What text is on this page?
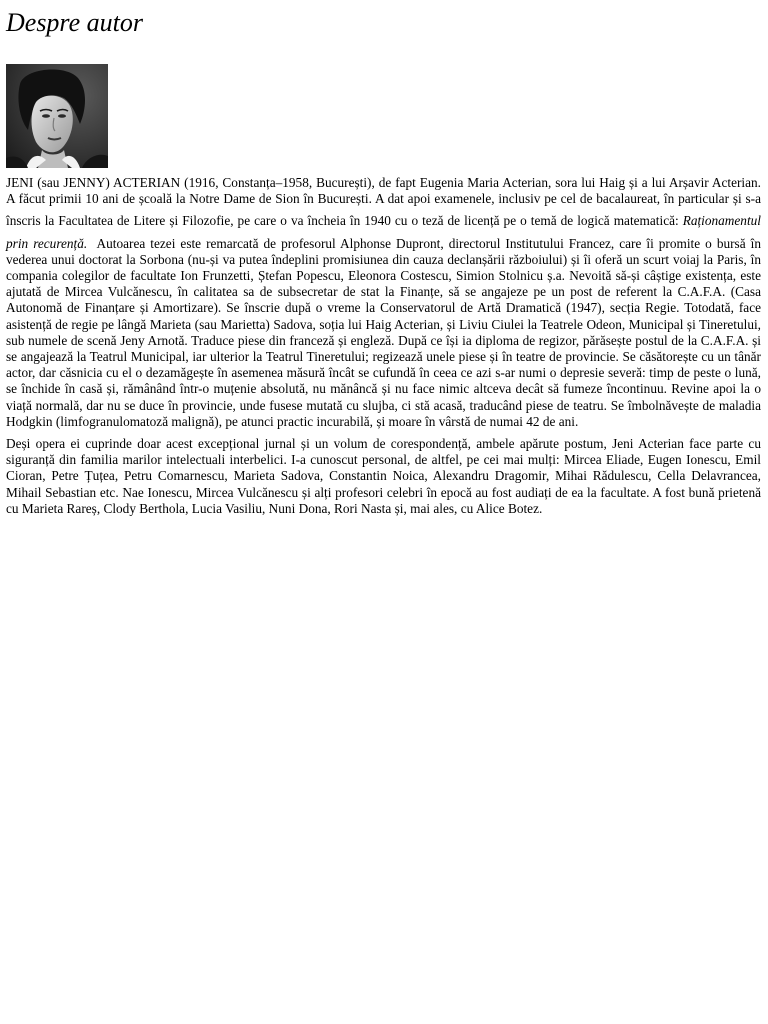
Despre autor
JENI (sau JENNY) ACTERIAN (1916, Constanța–1958, București), de fapt Eugenia Maria Acterian, sora lui Haig și a lui Arșavir Acterian.
A făcut primii 10 ani de școală la Notre Dame de Sion în București. A dat apoi examenele, inclusiv pe cel de bacalaureat, în particular și s-a
înscris la Facultatea de Litere și Filozofie, pe care o va încheia în 1940 cu o teză de licență pe o temă de logică matematică: Raționamentul
prin recurență.  Autoarea tezei este remarcată de profesorul Alphonse Dupront, directorul Institutului Francez, care îi promite o bursă în vederea unui doctorat la Sorbona (nu-și va putea îndeplini promisiunea din cauza declanșării războiului) și îi oferă un scurt voiaj la Paris, în compania colegilor de facultate Ion Frunzetti, Ștefan Popescu, Eleonora Costescu, Simion Stolnicu ș.a. Nevoită să-și câștige existența, este ajutată de Mircea Vulcănescu, în calitatea sa de subsecretar de stat la Finanțe, să se angajeze pe un post de referent la C.A.F.A. (Casa Autonomă de Finanțare și Amortizare). Se înscrie după o vreme la Conservatorul de Artă Dramatică (1947), secția Regie. Totodată, face asistență de regie pe lângă Marieta (sau Marietta) Sadova, soția lui Haig Acterian, și Liviu Ciulei la Teatrele Odeon, Municipal și Tineretului, sub numele de scenă Jeny Arnotă. Traduce piese din franceză și engleză. După ce își ia diploma de regizor, părăsește postul de la C.A.F.A. și se angajează la Teatrul Municipal, iar ulterior la Teatrul Tineretului; regizează unele piese și în teatre de provincie. Se căsătorește cu un tânăr actor, dar căsnicia cu el o dezamăgește în asemenea măsură încât se cufundă în ceea ce azi s-ar numi o depresie severă: timp de peste o lună, se închide în casă și, rămânând într-o muțenie absolută, nu mănâncă și nu face nimic altceva decât să fumeze încontinuu. Revine apoi la o viață normală, dar nu se duce în provincie, unde fusese mutată cu slujba, ci stă acasă, traducând piese de teatru. Se îmbolnăvește de maladia Hodgkin (limfogranulomatoză malignă), pe atunci practic incurabilă, și moare în vârstă de numai 42 de ani.

Deși opera ei cuprinde doar acest excepțional jurnal și un volum de corespondență, ambele apărute postum, Jeni Acterian face parte cu siguranță din familia marilor intelectuali interbelici. I-a cunoscut personal, de altfel, pe cei mai mulți: Mircea Eliade, Eugen Ionescu, Emil Cioran, Petre Țuțea, Petru Comarnescu, Marieta Sadova, Constantin Noica, Alexandru Dragomir, Mihai Rădulescu, Cella Delavrancea, Mihail Sebastian etc. Nae Ionescu, Mircea Vulcănescu și alți profesori celebri în epocă au fost audiați de ea la facultate. A fost bună prietenă cu Marieta Rareș, Clody Berthola, Lucia Vasiliu, Nuni Dona, Rori Nasta și, mai ales, cu Alice Botez.
